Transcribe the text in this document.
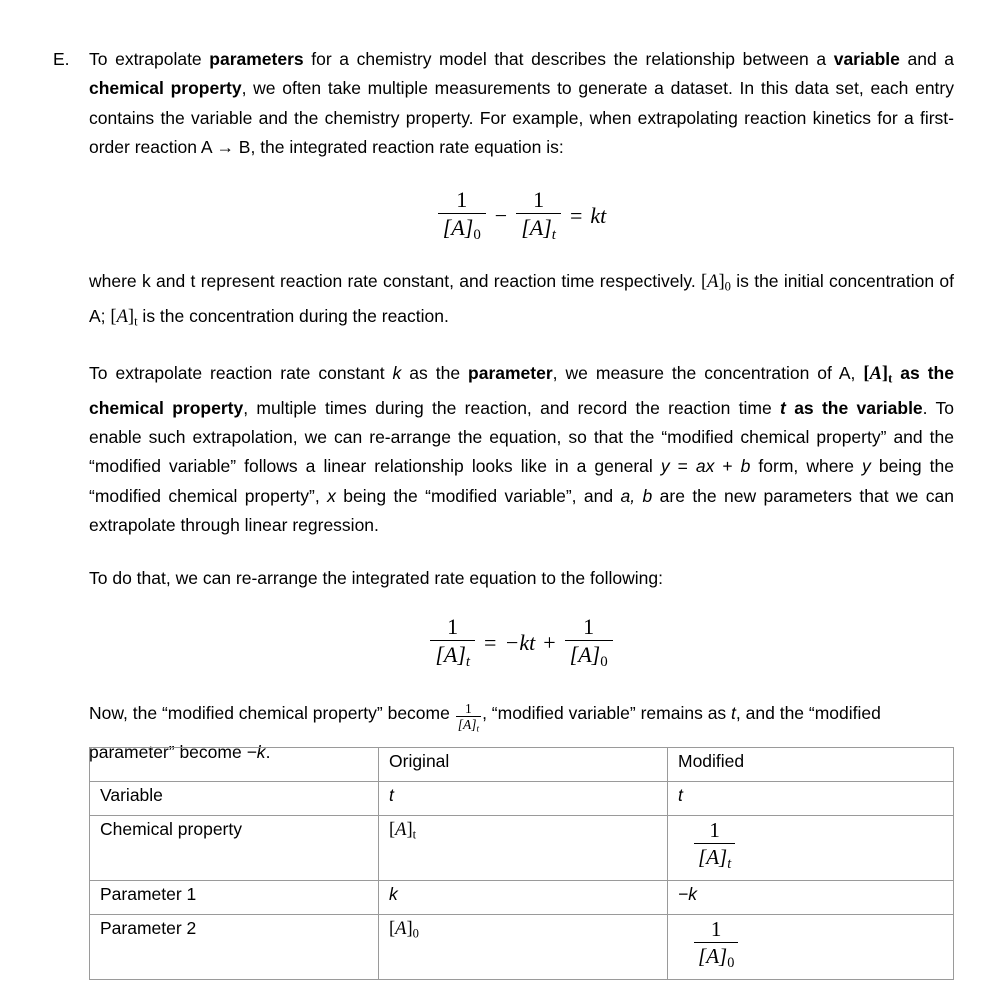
E. To extrapolate parameters for a chemistry model that describes the relationship between a variable and a chemical property, we often take multiple measurements to generate a dataset. In this data set, each entry contains the variable and the chemistry property. For example, when extrapolating reaction kinetics for a first-order reaction A → B, the integrated reaction rate equation is:

$\frac{1}{[A]_0} - \frac{1}{[A]_t}$ = kt

where k and t represent reaction rate constant, and reaction time respectively. $[A]_0$ is the initial concentration of A; $[A]_t$ is the concentration during the reaction.

To extrapolate reaction rate constant k as the parameter, we measure the concentration of A, $[A]_t$ as the chemical property, multiple times during the reaction, and record the reaction time t as the variable. To enable such extrapolation, we can re-arrange the equation, so that the “modified chemical property” and the “modified variable” follows a linear relationship looks like in a general y = ax + b form, where y being the “modified chemical property”, x being the “modified variable”, and a, b are the new parameters that we can extrapolate through linear regression.

To do that, we can re-arrange the integrated rate equation to the following:

$\frac{1}{[A]_t} = -kt + \frac{1}{[A]_0}$

Now, the “modified chemical property” become $\frac{1}{[A]_t}$ , “modified variable” remains as t, and the “modified parameter” become −k.

		Original	Modified
Variable	t	t
Chemical property	$[A]_t$	$\frac{1}{[A]_t}$

Parameter 1	k	−k
Parameter 2	$[A]_0$	$\frac{1}{[A]_0}$
